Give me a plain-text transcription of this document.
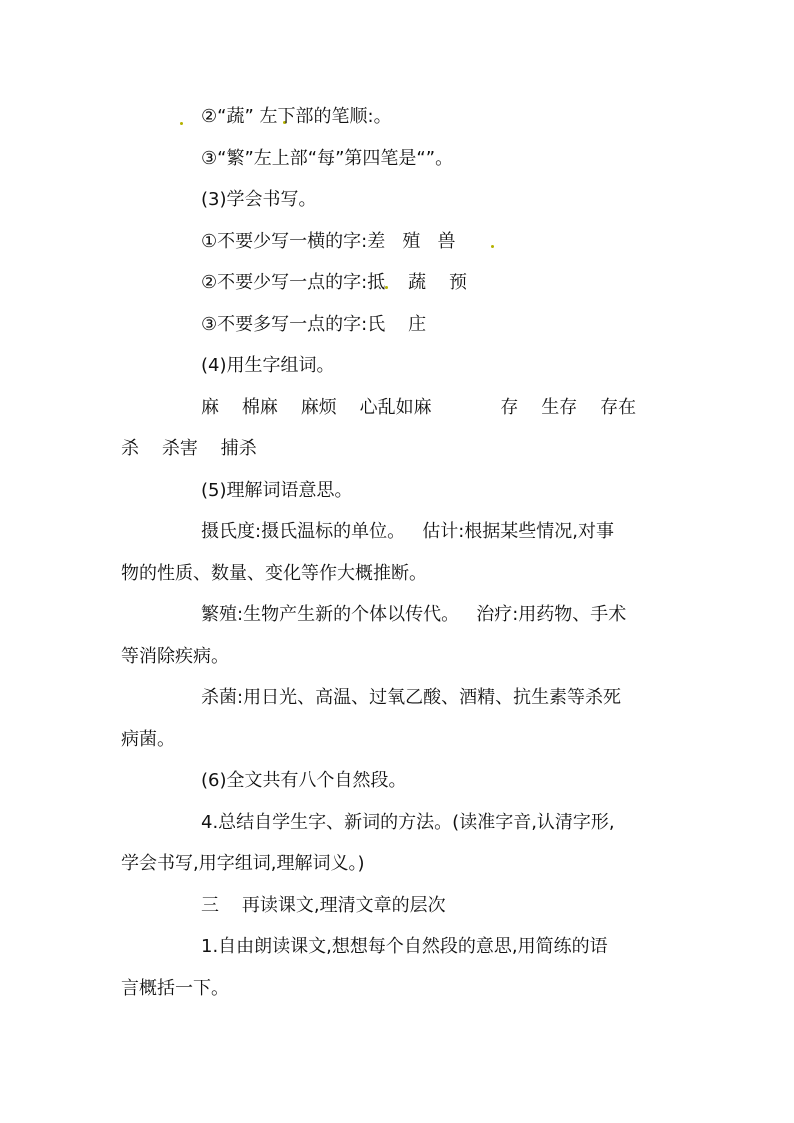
②“蔬” 左下部的笔顺:。
③“繁”左上部“每”第四笔是“”。
(3)学会书写。
①不要少写一横的字:差   殖   兽
②不要少写一点的字:抵    蔬    预
③不要多写一点的字:氏    庄
(4)用生字组词。
麻    棉麻    麻烦    心乱如麻            存    生存    存在
杀    杀害    捕杀
(5)理解词语意思。
摄氏度:摄氏温标的单位。   估计:根据某些情况,对事
物的性质、数量、变化等作大概推断。
繁殖:生物产生新的个体以传代。   治疗:用药物、手术
等消除疾病。
杀菌:用日光、高温、过氧乙酸、酒精、抗生素等杀死
病菌。
(6)全文共有八个自然段。
4.总结自学生字、新词的方法。(读准字音,认清字形,
学会书写,用字组词,理解词义。)
三    再读课文,理清文章的层次
1.自由朗读课文,想想每个自然段的意思,用简练的语
言概括一下。
